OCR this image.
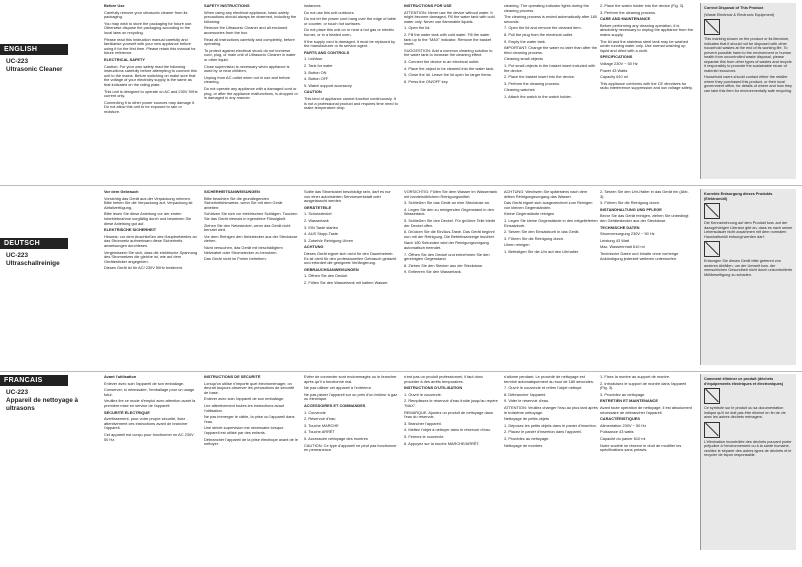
ENGLISH
UC-223
Ultrasonic Cleaner

Before Use

Carefully remove your ultrasonic cleaner from its packaging.

You may wish to store the packaging for future use. Otherwise dispose the packaging according to the local laws on recycling.

Please read this instruction manual carefully and familiarise yourself with your new appliance before using it for the first time. Please retain this manual for future reference.

ELECTRICAL SAFETY

Caution: For your own safety read the following instructions carefully before attempting to connect this unit to the mains. Before switching on make sure that the voltage of your electricity supply is the same as that indicated on the rating plate.

This unit is designed to operate on AC and 230V 50Hz current only.

Connecting it to other power sources may damage it. Do not allow this unit to be exposed to rain or moisture.

SAFETY INSTRUCTIONS

When using any electrical appliance, basic safety precautions should always be observed, including the following:

Remove the Ultrasonic Cleaner and all enclosed accessories from the box.

Read all instructions carefully and completely, before operating.

To protect against electrical shock do not immerse cord, plug, or main unit of Ultrasonic Cleaner in water or other liquid.

Close supervision is necessary when appliance is used by or near children.

Unplug from AC outlet when not in use and before cleaning.

Do not operate any appliance with a damaged cord or plug, or after the appliance malfunctions, is dropped or is damaged in any manner.

instances.

Do not use this unit outdoors.

Do not let the power cord hang over the edge of table or counter, or touch hot surfaces.

Do not place this unit on or near a hot gas or electric burner, or in a heated oven.

If the supply cord is damaged, it must be replaced by the manufacturer or its service agent.

PARTS AND CONTROLS

1. Lid/door

2. Tank for water

3. Button ON

4. Button OFF

5. Watch support accessory

CAUTION

This kind of appliance cannot function continuously. It is not a professional product and requires time need to make temperature drop.

INSTRUCTIONS FOR USE

ATTENTION: Never use the device without water. It might become damaged. Fill the water tank with cold water only. Never use flammable liquids.

1. Open the lid.

2. Fill the water tank with cold water. Fill the water tank up to the "MAX" indicator. Remove the basket insert.

SUGGESTION: Add a common cleaning solution to the water tank to increase the cleaning effect.

3. Connect the device to an electrical outlet.

4. Place the object to be cleaned into the water tank.

5. Close the lid. Leave the lid open for larger items.

6. Press the ON/OFF key.

cleaning. The operating indicator lights during the cleaning process.

The cleaning process is ended automatically after 180 seconds.

7. Open the lid and remove the cleaned item.

8. Pull the plug from the electrical outlet.

9. Empty the water tank.

IMPORTANT: Change the water no later than after the third cleaning process.

Cleaning small objects

1. Put small objects in the basket insert included with the device.

2. Place the basket insert into the device.

3. Perform the cleaning process.

Cleaning watches

1. Attach the watch to the watch holder.

2. Place the watch holder into the device (Fig. 3).

3. Perform the cleaning process.

CARE AND MAINTENANCE

Before performing any cleaning operation, it is absolutely necessary to unplug the appliance from the mains supply.

The lid and the stainless steel tank may be washed under running water only. Use normal washing up liquid and dried with a cloth.

SPECIFICATIONS

Voltage 230V ~ 50 Hz

Power 43 Watts

Capacity 610 ml

This appliance conforms with the CE directives for radio interference suppression and low voltage safety.

Correct Disposal of This Product

(Waste Electrical & Electronic Equipment)

This marking shown on the product or its literature, indicates that it should not be disposed with other household wastes at the end of its working life. To prevent possible harm to the environment or human health from uncontrolled waste disposal, please separate this from other types of wastes and recycle it responsibly to promote the sustainable reuse of material resources.

Household users should contact either the retailer where they purchased this product, or their local government office, for details of where and how they can take this item for environmentally safe recycling.

DEUTSCH
UC-223
Ultraschallreinige

Vor dem Gebrauch

Vorsichtig das Gerät aus der Verpackung nehmen. Bitte heben Sie die Verpackung auf, Verpackung ist Abfallverfügung.

Bitte lesen Sie diese Anleitung vor der ersten Inbetriebnahme sorgfältig durch und bewahren Sie diese Anleitung gut auf.

ELEKTRISCHE SICHERHEIT

Hinweis: vor dem Anschließen des Hauptnetzteiles an das Stromnetz aufmerksam diese Sicherheits anweisungen durchlesen.

Vergewissern Sie sich, dass die elektrische Spannung des Stromnetzes die gleiche ist, wie auf dem Gerätesticker angegeben.

Dieses Gerät ist für AC/ 230V 50Hz bestimmt.

SICHERHEITSANWEISUNGEN

Bitte beachten Sie die grundlegenden Sicherheitshinweise, wenn Sie mit dem Gerät arbeiten:

Schützen Sie sich vor elektrischen Schlägen. Tauchen Sie das Gerät niemals in irgendeine Flüssigkeit.

Ziehen Sie den Netzstecker, wenn das Gerät nicht benutzt wird.

Vor dem Reinigen den Netzstecker aus der Steckdose ziehen.

Nicht versuchen, das Gerät mit beschädigtem Netzkabel oder Stromstecker zu benutzen.

Das Gerät nicht im Freien betreiben.

Sollte das Stromkabel beschädigt sein, darf es nur von einer autorisierten Servicewerkstatt oder ausgetauscht werden.

GERÄTETEILE

1. Schutzdeckel

2. Wassertank

3. EIN Taste starten

4. AUS Stopp-Taste

5. Zubehör Reinigung Uhren

ACHTUNG

Dieses Gerät eignet sich nicht für den Dauerbetrieb. Es ist nicht für den professionellen Gebrauch gedacht und erfordert die geeignete Verlängerung.

GEBRAUCHSANWEISUNGEN

1. Öffnen Sie den Deckel.

2. Füllen Sie den Wassertank mit kaltem Wasser.

VORSICHTIG: Füllen Sie dem Wasser im Wassertank mit handelsüblichem Reinigungsmittel.

3. Schließen Sie das Gerät an eine Steckdose an.

4. Legen Sie den zu reinigenden Gegenstand in den Wassertank.

5. Schließen Sie den Deckel. Für größere Teile bleibt der Deckel offen.

6. Drücken Sie die Ein/Aus-Taste. Das Gerät beginnt nun mit der Reinigung. Die Betriebsanzeige leuchtet.

Nach 180 Sekunden wird der Reinigungsvorgang automatisch beendet.

7. Öffnen Sie den Deckel und entnehmen Sie den gereinigten Gegenstand.

8. Ziehen Sie den Stecker aus der Steckdose.

9. Entleeren Sie den Wassertank.

ACHTUNG: Wechseln Sie spätestens nach dem dritten Reinigungsvorgang das Wasser.

Das Gerät eignet sich ausgezeichnet zum Reinigen von kleinen Gegenständen.

Kleine Gegenstände reinigen

1. Legen Sie kleine Gegenstände in den mitgelieferten Einsatzkorb.

2. Setzen Sie den Einsatzkorb in das Gerät.

3. Führen Sie die Reinigung durch.

Uhren reinigen

1. Befestigen Sie die Uhr auf den Uhrhalter.

2. Setzen Sie den Uhr-Halter in das Gerät ein (Abb. 3).

3. Führen Sie die Reinigung durch.

INSTANDHALTUNG UND PFLEGE

Bevor Sie das Gerät reinigen, ziehen Sie unbedingt den Gerätestecker aus der Steckdose.

TECHNISCHE DATEN

Stromversorgung 230V ~ 50 Hz

Leistung 43 Watt

Max. Wasserinhalt 610 ml

Technische Daten und Inhalte ohne vorherige Ankündigung jederzeit weiteren unterworfen.

Korrekte Entsorgung dieses Produkts (Elektromüll)

Die Kennzeichnung auf dem Produkt bzw. auf der dazugehörigen Literatur gibt an, dass es nach seiner Lebensdauer nicht zusammen mit dem normalen Haushaltsmüll entsorgt werden darf.

Entsorgen Sie dieses Gerät bitte getrennt von anderen Abfällen, um der Umwelt bzw. der menschlichen Gesundheit nicht durch unkontrollierte Müllbeseitigung zu schaden.

FRANCAIS
UC-223
Appareil de nettoyage à ultrasons

Avant l'utilisation

Enlever avec soin l'appareil de son emballage.

Conserver, si nécessaire, l'emballage pour un usage futur.

Veuillez lire ce mode d'emploi avec attention avant la première mise en service de l'appareil.

SÉCURITÉ ÉLECTRIQUE

Avertissement, pour votre propre sécurité, lisez attentivement ces instructions avant de brancher l'appareil.

Cet appareil est conçu pour fonctionner en AC 230V 50 Hz.

INSTRUCTIONS DE SÉCURITÉ

Lorsqu'on utilise n'importe quel électroménager, on devrait toujours observer les précautions de sécurité de base.

Enlever avec soin l'appareil de son emballage.

Lire attentivement toutes les instructions avant l'utilisation.

Ne pas immerger le câble, la prise ou l'appareil dans l'eau.

Une stricte supervision est nécessaire lorsque l'appareil est utilisé par des enfants.

Débrancher l'appareil de la prise électrique avant de le nettoyer.

Éviter de connecter sont endommagés ou le brancher après qu'il a fonctionné mal.

Ne pas utiliser cet appareil à l'extérieur.

Ne pas placer l'appareil sur ou près d'un brûleur à gaz ou électrique.

ACCESSOIRES ET COMMANDES

1. Couvercle

2. Réservoir d'eau

3. Touche MARCHE

4. Touche ARRÊT

5. Accessoire nettoyage des montres

CAUTION: Ce type d'appareil ne peut pas fonctionner en permanence.

n'est pas un produit professionnel, il faut donc procéder à des arrêts temporaires.

INSTRUCTIONS D'UTILISATION

1. Ouvrir le couvercle.

2. Remplissez le réservoir d'eau froide jusqu'au repère "MAX".

REMARQUE: Ajoutez un produit de nettoyage dans l'eau du réservoir.

3. Brancher l'appareil.

4. Mettez l'objet à nettoyer dans le réservoir d'eau.

5. Fermez le couvercle.

6. Appuyez sur la touche MARCHE/ARRÊT.

s'allume pendant. Le procédé de nettoyage est terminé automatiquement au bout de 180 secondes.

7. Ouvrir le couvercle et retirer l'objet nettoyé.

8. Débrancher l'appareil.

9. Vider le réservoir d'eau.

ATTENTION: Veuillez changer l'eau au plus tard après le troisième nettoyage.

Nettoyage de petits objets

1. Déposez les petits objets dans le panier d'insertion.

2. Placez le panier d'insertion dans l'appareil.

3. Procédez au nettoyage.

Nettoyage de montres

1. Fixez la montre au support de montre.

2. Introduisez le support de montre dans l'appareil (Fig. 3).

3. Procédez au nettoyage.

ENTRETIEN ET MAINTENANCE

Avant toute opération de nettoyage, il est absolument nécessaire de débrancher l'appareil.

CARACTÉRISTIQUES

Alimentation 230V ~ 50 Hz

Puissance 43 watts

Capacité du panier 610 ml

Notre société se réserve le droit de modifier les spécifications sans préavis.

Comment éliminer ce produit (déchets d'équipements électriques et électroniques)

Ce symbole sur le produit ou sa documentation indique qu'il ne doit pas être éliminé en fin de vie avec les autres déchets ménagers.

L'élimination incontrôlée des déchets pouvant porter préjudice à l'environnement ou à la santé humaine, veuillez le séparer des autres types de déchets et le recycler de façon responsable.
